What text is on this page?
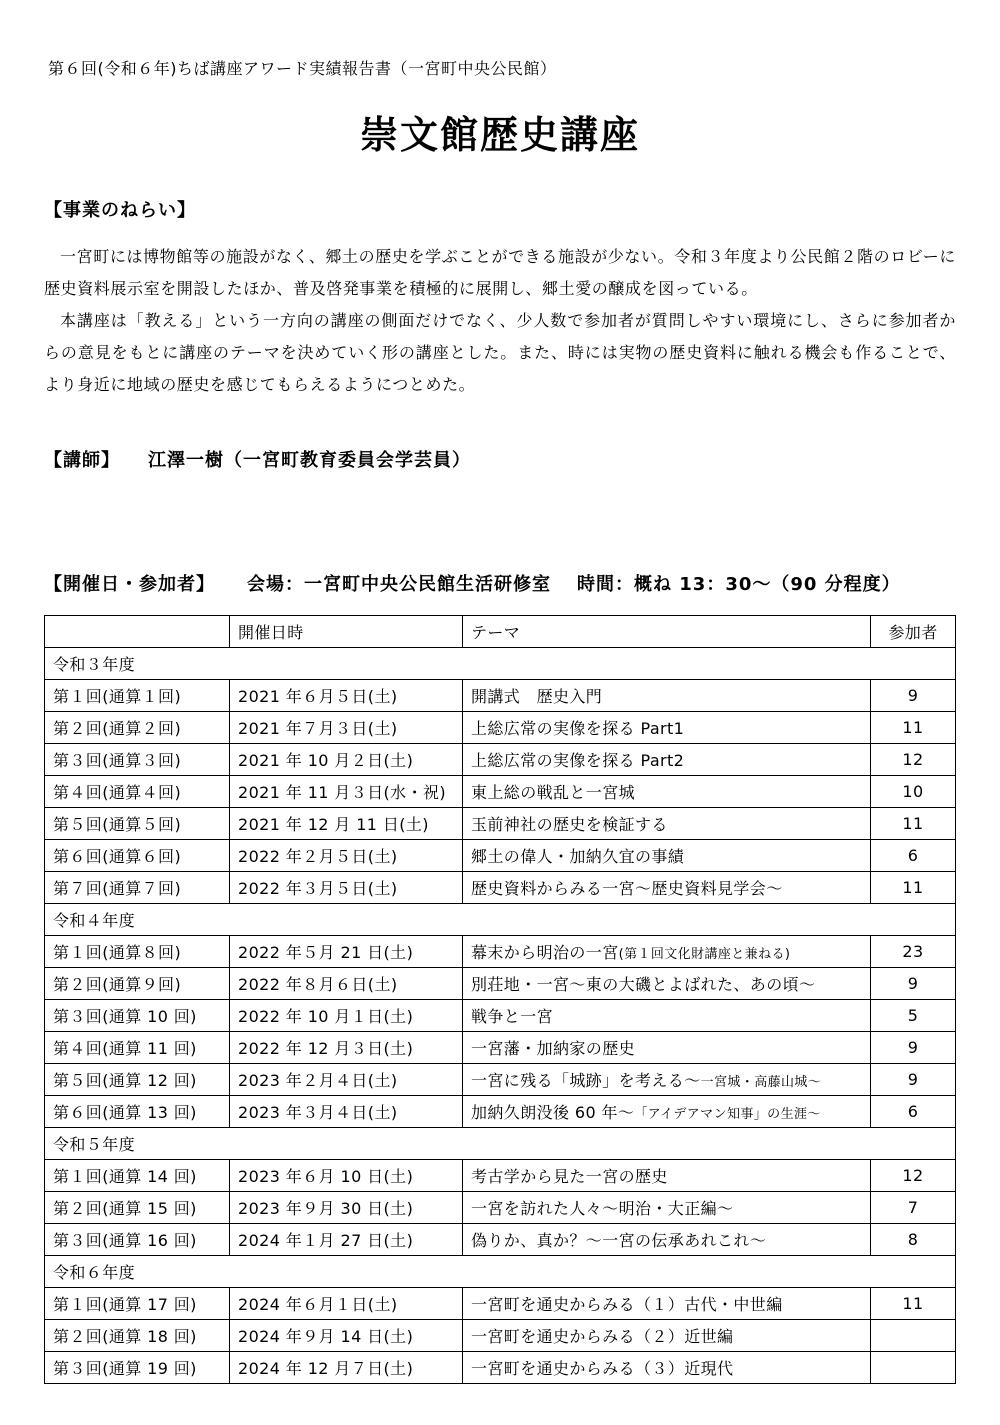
第６回(令和６年)ちば講座アワード実績報告書（一宮町中央公民館）
崇文館歴史講座
【事業のねらい】

一宮町には博物館等の施設がなく、郷土の歴史を学ぶことができる施設が少ない。令和３年度より公民館２階のロビーに歴史資料展示室を開設したほか、普及啓発事業を積極的に展開し、郷土愛の醸成を図っている。

本講座は「教える」という一方向の講座の側面だけでなく、少人数で参加者が質問しやすい環境にし、さらに参加者からの意見をもとに講座のテーマを決めていく形の講座とした。また、時には実物の歴史資料に触れる機会も作ることで、より身近に地域の歴史を感じてもらえるようにつとめた。

【講師】 江澤一樹（一宮町教育委員会学芸員）
【開催日・参加者】 会場：一宮町中央公民館生活研修室 時間：概ね 13：30～（90 分程度）
	開催日時	テーマ	参加者
令和３年度			
第１回(通算１回)	2021 年６月５日(土)	開講式　歴史入門	9
第２回(通算２回)	2021 年７月３日(土)	上総広常の実像を探る Part1	11
第３回(通算３回)	2021 年 10 月２日(土)	上総広常の実像を探る Part2	12
第４回(通算４回)	2021 年 11 月３日(水・祝)	東上総の戦乱と一宮城	10
第５回(通算５回)	2021 年 12 月 11 日(土)	玉前神社の歴史を検証する	11
第６回(通算６回)	2022 年２月５日(土)	郷土の偉人・加納久宜の事績	6
第７回(通算７回)	2022 年３月５日(土)	歴史資料からみる一宮～歴史資料見学会～	11
令和４年度			
第１回(通算８回)	2022 年５月 21 日(土)	幕末から明治の一宮(第１回文化財講座と兼ねる)	23
第２回(通算９回)	2022 年８月６日(土)	別荘地・一宮～東の大磯とよばれた、あの頃～	9
第３回(通算 10 回)	2022 年 10 月１日(土)	戦争と一宮	5
第４回(通算 11 回)	2022 年 12 月３日(土)	一宮藩・加納家の歴史	9
第５回(通算 12 回)	2023 年２月４日(土)	一宮に残る「城跡」を考える～一宮城・高藤山城～	9
第６回(通算 13 回)	2023 年３月４日(土)	加納久朗没後 60 年～「アイデアマン知事」の生涯～	6
令和５年度			
第１回(通算 14 回)	2023 年６月 10 日(土)	考古学から見た一宮の歴史	12
第２回(通算 15 回)	2023 年９月 30 日(土)	一宮を訪れた人々～明治・大正編～	7
第３回(通算 16 回)	2024 年１月 27 日(土)	偽りか、真か？～一宮の伝承あれこれ～	8
令和６年度			
第１回(通算 17 回)	2024 年６月１日(土)	一宮町を通史からみる（１）古代・中世編	11
第２回(通算 18 回)	2024 年９月 14 日(土)	一宮町を通史からみる（２）近世編	
第３回(通算 19 回)	2024 年 12 月７日(土)	一宮町を通史からみる（３）近現代	
